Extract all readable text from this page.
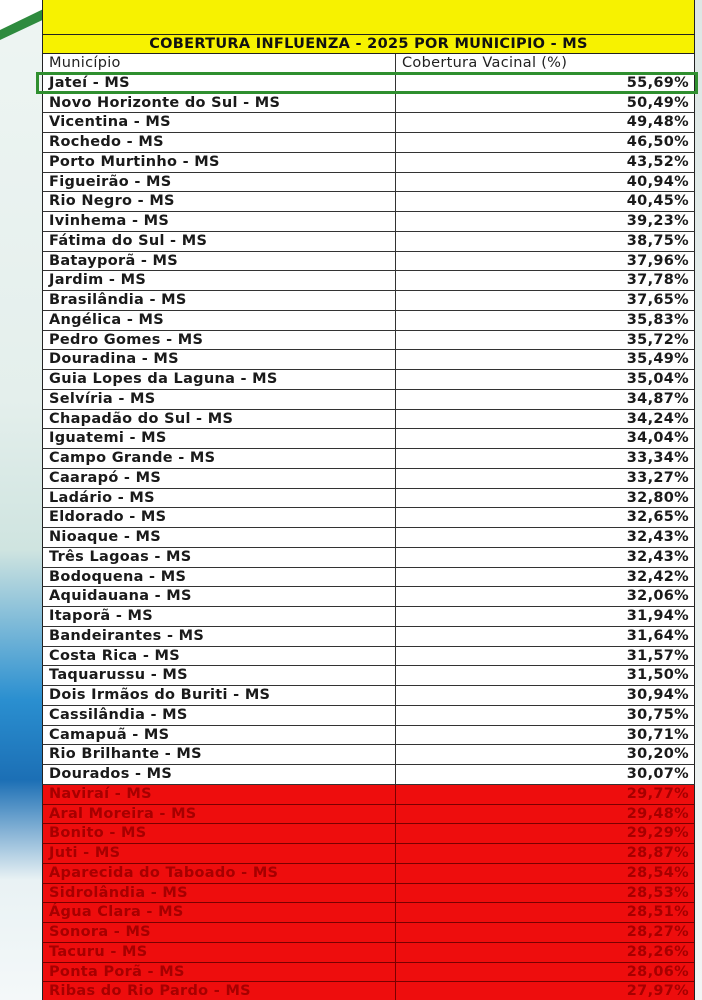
COBERTURA INFLUENZA - 2025 POR MUNICIPIO - MS
Município	Cobertura Vacinal (%)
Jateí - MS	55,69%
Novo Horizonte do Sul - MS	50,49%
Vicentina - MS	49,48%
Rochedo - MS	46,50%
Porto Murtinho - MS	43,52%
Figueirão - MS	40,94%
Rio Negro - MS	40,45%
Ivinhema - MS	39,23%
Fátima do Sul - MS	38,75%
Batayporã - MS	37,96%
Jardim - MS	37,78%
Brasilândia - MS	37,65%
Angélica - MS	35,83%
Pedro Gomes - MS	35,72%
Douradina - MS	35,49%
Guia Lopes da Laguna - MS	35,04%
Selvíria - MS	34,87%
Chapadão do Sul - MS	34,24%
Iguatemi - MS	34,04%
Campo Grande - MS	33,34%
Caarapó - MS	33,27%
Ladário - MS	32,80%
Eldorado - MS	32,65%
Nioaque - MS	32,43%
Três Lagoas - MS	32,43%
Bodoquena - MS	32,42%
Aquidauana - MS	32,06%
Itaporã - MS	31,94%
Bandeirantes - MS	31,64%
Costa Rica - MS	31,57%
Taquarussu - MS	31,50%
Dois Irmãos do Buriti - MS	30,94%
Cassilândia - MS	30,75%
Camapuã - MS	30,71%
Rio Brilhante - MS	30,20%
Dourados - MS	30,07%
Naviraí - MS	29,77%
Aral Moreira - MS	29,48%
Bonito - MS	29,29%
Juti - MS	28,87%
Aparecida do Taboado - MS	28,54%
Sidrolândia - MS	28,53%
Água Clara - MS	28,51%
Sonora - MS	28,27%
Tacuru - MS	28,26%
Ponta Porã - MS	28,06%
Ribas do Rio Pardo - MS	27,97%
